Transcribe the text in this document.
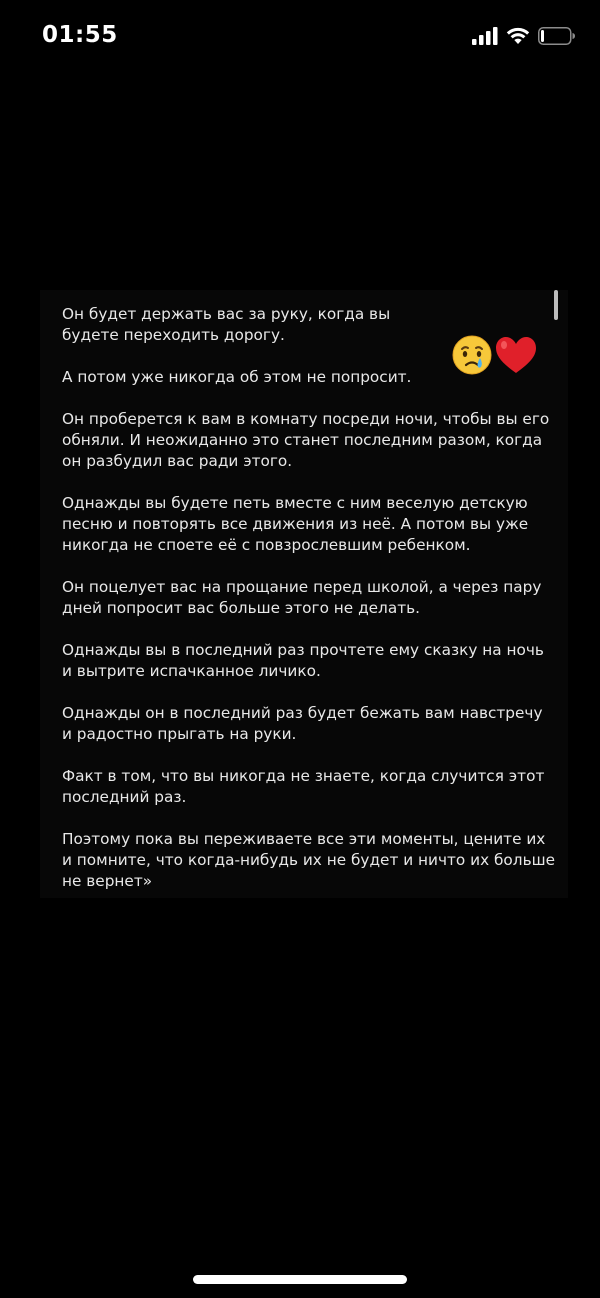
01:55

Он будет держать вас за руку, когда вы будете переходить дорогу.

А потом уже никогда об этом не попросит.

Он проберется к вам в комнату посреди ночи, чтобы вы его обняли. И неожиданно это станет последним разом, когда он разбудил вас ради этого.

Однажды вы будете петь вместе с ним веселую детскую песню и повторять все движения из неё. А потом вы уже никогда не споете её с повзрослевшим ребенком.

Он поцелует вас на прощание перед школой, а через пару дней попросит вас больше этого не делать.

Однажды вы в последний раз прочтете ему сказку на ночь и вытрите испачканное личико.

Однажды он в последний раз будет бежать вам навстречу и радостно прыгать на руки.

Факт в том, что вы никогда не знаете, когда случится этот последний раз.

Поэтому пока вы переживаете все эти моменты, цените их и помните, что когда-нибудь их не будет и ничто их больше не вернет»
